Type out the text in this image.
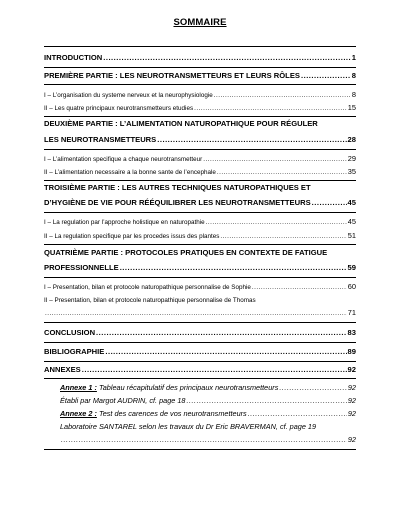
SOMMAIRE
INTRODUCTION .....	1
PREMIÈRE PARTIE : LES NEUROTRANSMETTEURS ET LEURS RÔLES .....	8
I – L’organisation du systeme nerveux et la neurophysiologie .....	8
II – Les quatre principaux neurotransmetteurs etudies .....	15
DEUXIÈME PARTIE : L’ALIMENTATION NATUROPATHIQUE POUR RÉGULER
LES NEUROTRANSMETTEURS .....	28
I – L’alimentation specifique a chaque neurotransmetteur .....	29
II – L’alimentation necessaire a la bonne sante de l’encephale .....	35
TROISIÈME PARTIE : LES AUTRES TECHNIQUES NATUROPATHIQUES ET
D’HYGIÈNE DE VIE POUR RÉÉQUILIBRER LES NEUROTRANSMETTEURS .....	45
I – La regulation par l’approche holistique en naturopathie .....	45
II – La regulation specifique par les procedes issus des plantes .....	51
QUATRIÈME PARTIE : PROTOCOLES PRATIQUES EN CONTEXTE DE FATIGUE
PROFESSIONNELLE .....	59
I – Presentation, bilan et protocole naturopathique personnalise de Sophie .....	60
II – Presentation, bilan et protocole naturopathique personnalise de Thomas
.....
71
CONCLUSION .....	83
BIBLIOGRAPHIE .....	89
ANNEXES .....	92
Annexe 1 : Tableau récapitulatif des principaux neurotransmetteurs .....	92
Établi par Margot AUDRIN, cf. page 18 .....	92
Annexe 2 : Test des carences de vos neurotransmetteurs .....	92
Laboratoire SANTAREL selon les travaux du Dr Eric BRAVERMAN, cf. page 19
.....
92
